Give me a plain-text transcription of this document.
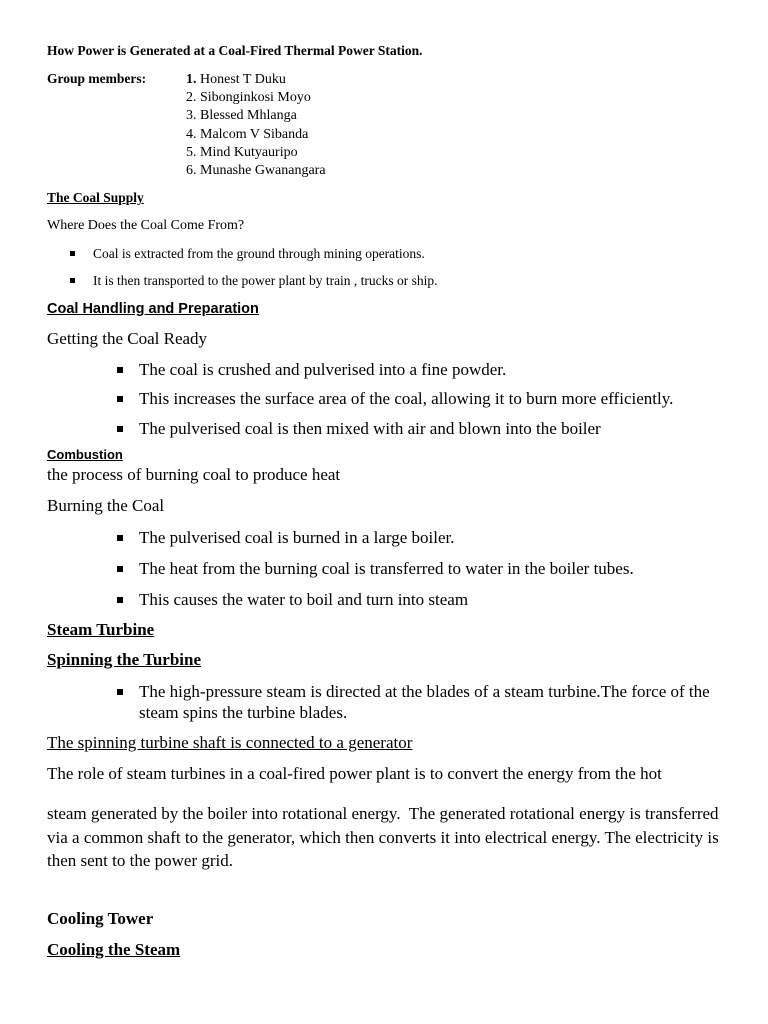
How Power is Generated at a Coal-Fired Thermal Power Station.
Group members:	1. Honest T Duku
2. Sibonginkosi Moyo
3. Blessed Mhlanga
4. Malcom V Sibanda
5. Mind Kutyauripo
6. Munashe Gwanangara
The Coal Supply
Where Does the Coal Come From?
Coal is extracted from the ground through mining operations.
It is then transported to the power plant by train , trucks or ship.
Coal Handling and Preparation
Getting the Coal Ready
The coal is crushed and pulverised into a fine powder.
This increases the surface area of the coal, allowing it to burn more efficiently.
The pulverised coal is then mixed with air and blown into the boiler
Combustion
the process of burning coal to produce heat
Burning the Coal
The pulverised coal is burned in a large boiler.
The heat from the burning coal is transferred to water in the boiler tubes.
This causes the water to boil and turn into steam
Steam Turbine
Spinning the Turbine
The high-pressure steam is directed at the blades of a steam turbine.The force of the steam spins the turbine blades.
The spinning turbine shaft is connected to a generator
The role of steam turbines in a coal-fired power plant is to convert the energy from the hot
steam generated by the boiler into rotational energy.  The generated rotational energy is transferred via a common shaft to the generator, which then converts it into electrical energy. The electricity is then sent to the power grid.
Cooling Tower
Cooling the Steam
